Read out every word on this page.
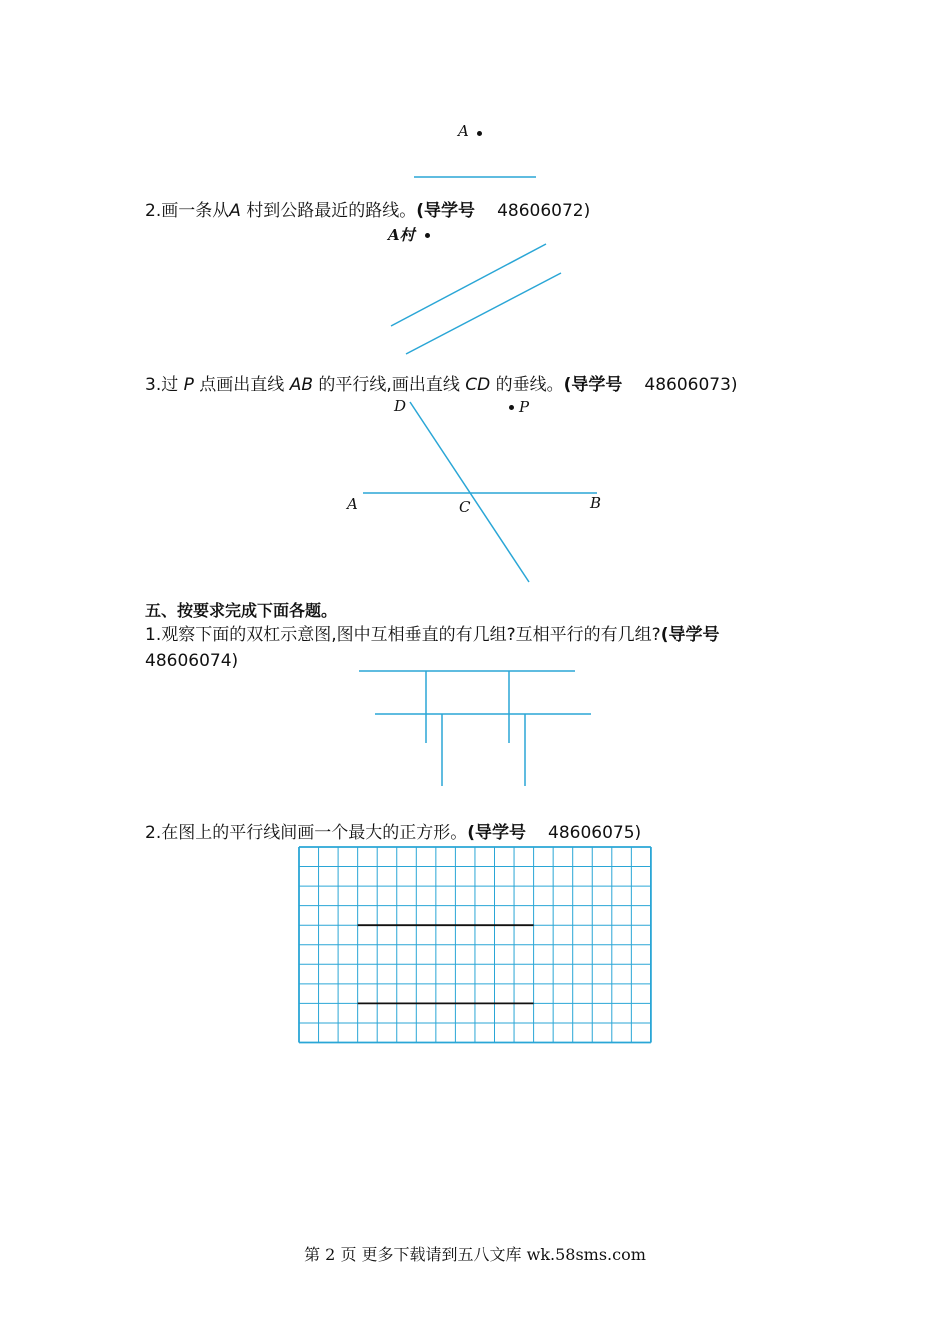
A
2.画一条从A 村到公路最近的路线。(导学号 48606072)
A村
3.过 P 点画出直线 AB 的平行线,画出直线 CD 的垂线。(导学号 48606073)
D	P
A	C	B
五、按要求完成下面各题。
1.观察下面的双杠示意图,图中互相垂直的有几组?互相平行的有几组?(导学号
48606074)
2.在图上的平行线间画一个最大的正方形。(导学号 48606075)
第 2 页 更多下载请到五八文库 wk.58sms.com
